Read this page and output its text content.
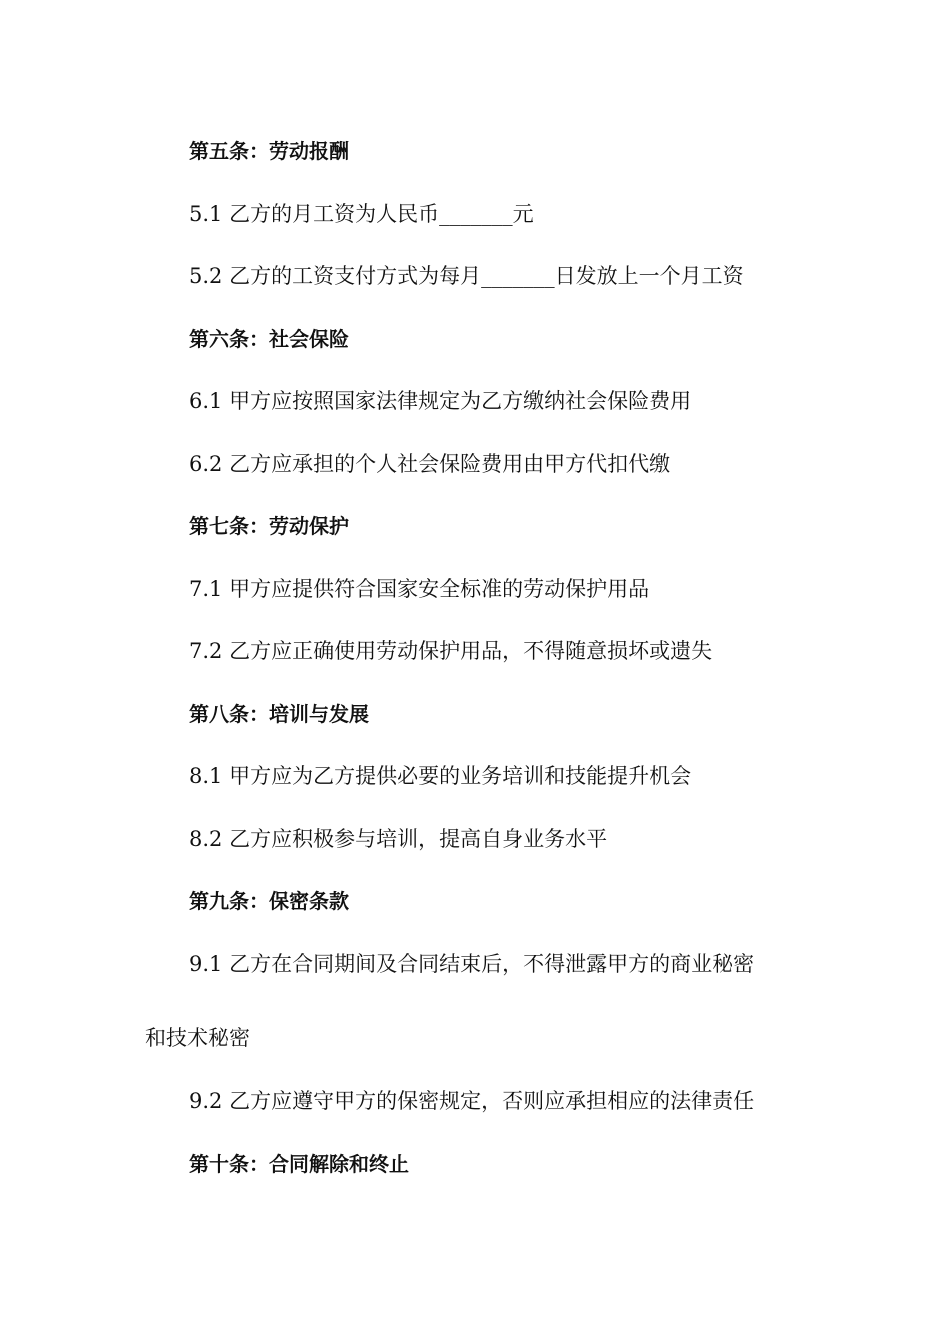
第五条：劳动报酬
5.1 乙方的月工资为人民币_______元
5.2 乙方的工资支付方式为每月_______日发放上一个月工资
第六条：社会保险
6.1 甲方应按照国家法律规定为乙方缴纳社会保险费用
6.2 乙方应承担的个人社会保险费用由甲方代扣代缴
第七条：劳动保护
7.1 甲方应提供符合国家安全标准的劳动保护用品
7.2 乙方应正确使用劳动保护用品，不得随意损坏或遗失
第八条：培训与发展
8.1 甲方应为乙方提供必要的业务培训和技能提升机会
8.2 乙方应积极参与培训，提高自身业务水平
第九条：保密条款
9.1 乙方在合同期间及合同结束后，不得泄露甲方的商业秘密
和技术秘密
9.2 乙方应遵守甲方的保密规定，否则应承担相应的法律责任
第十条：合同解除和终止
